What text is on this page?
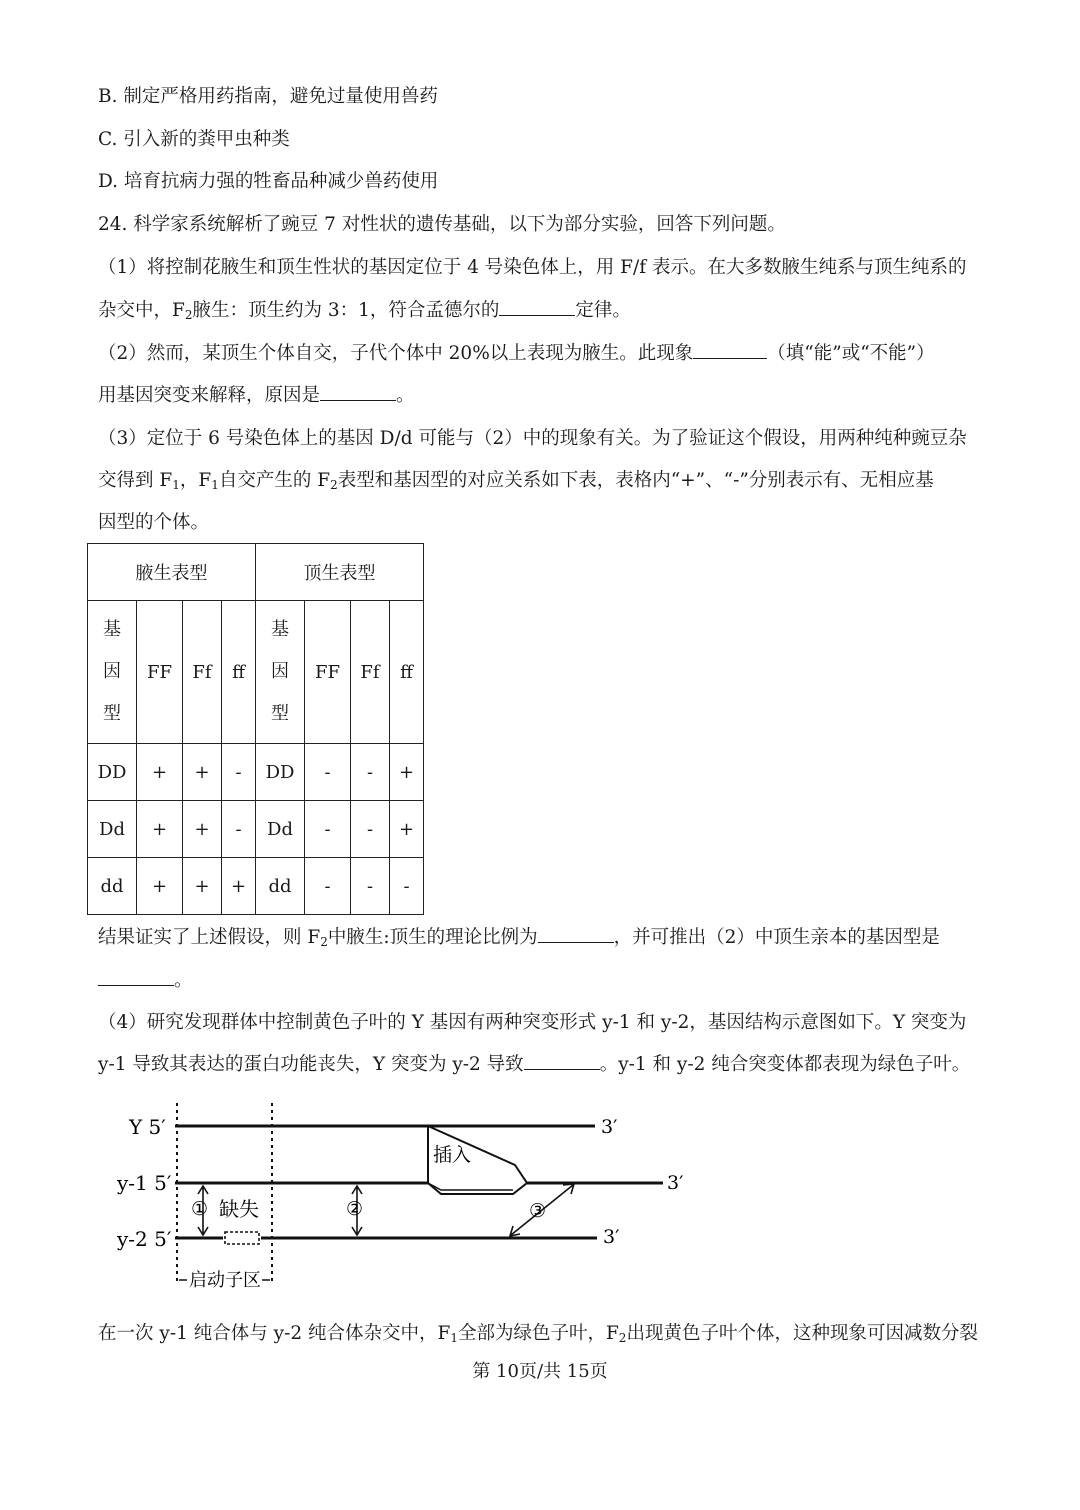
B. 制定严格用药指南，避免过量使用兽药
C. 引入新的粪甲虫种类
D. 培育抗病力强的牲畜品种减少兽药使用
24. 科学家系统解析了豌豆 7 对性状的遗传基础，以下为部分实验，回答下列问题。
（1）将控制花腋生和顶生性状的基因定位于 4 号染色体上，用 F/f 表示。在大多数腋生纯系与顶生纯系的
杂交中，$F_2$腋生：顶生约为 3：1，符合孟德尔的	定律。
（2）然而，某顶生个体自交，子代个体中 20%以上表现为腋生。此现象	（填“能”或“不能”）
用基因突变来解释，原因是	。
（3）定位于 6 号染色体上的基因 D/d 可能与（2）中的现象有关。为了验证这个假设，用两种纯种豌豆杂
交得到 $F_1$，$F_1$自交产生的 $F_2$表型和基因型的对应关系如下表，表格内“+”、“-”分别表示有、无相应基
因型的个体。
腋生表型				顶生表型			
基
因
型	FF	Ff	ff	基
因
型	FF	Ff	ff
DD	+	+	-	DD	-	-	+
Dd	+	+	-	Dd	-	-	+
dd	+	+	+	dd	-	-	-
结果证实了上述假设，则 $F_2$中腋生:顶生的理论比例为	，并可推出（2）中顶生亲本的基因型是
。
（4）研究发现群体中控制黄色子叶的 Y 基因有两种突变形式 y-1 和 y-2，基因结构示意图如下。Y 突变为
y-1 导致其表达的蛋白功能丧失，Y 突变为 y-2 导致	。y-1 和 y-2 纯合突变体都表现为绿色子叶。
Y 5′	3′
y-1 5′	3′
插入
y-2 5′	3′
① 缺失	②	③
启动子区
在一次 y-1 纯合体与 y-2 纯合体杂交中，$F_1$全部为绿色子叶，$F_2$出现黄色子叶个体，这种现象可因减数分裂
第 10页/共 15页
